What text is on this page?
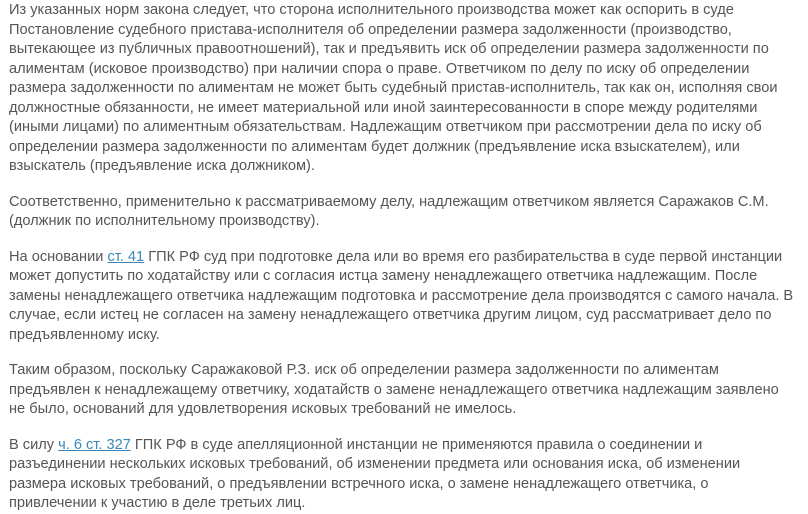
Из указанных норм закона следует, что сторона исполнительного производства может как оспорить в суде
Постановление судебного пристава-исполнителя об определении размера задолженности (производство,
вытекающее из публичных правоотношений), так и предъявить иск об определении размера задолженности по
алиментам (исковое производство) при наличии спора о праве. Ответчиком по делу по иску об определении
размера задолженности по алиментам не может быть судебный пристав-исполнитель, так как он, исполняя свои
должностные обязанности, не имеет материальной или иной заинтересованности в споре между родителями
(иными лицами) по алиментным обязательствам. Надлежащим ответчиком при рассмотрении дела по иску об
определении размера задолженности по алиментам будет должник (предъявление иска взыскателем), или
взыскатель (предъявление иска должником).

Соответственно, применительно к рассматриваемому делу, надлежащим ответчиком является Саражаков С.М.
(должник по исполнительному производству).

На основании ст. 41 ГПК РФ суд при подготовке дела или во время его разбирательства в суде первой инстанции
может допустить по ходатайству или с согласия истца замену ненадлежащего ответчика надлежащим. После
замены ненадлежащего ответчика надлежащим подготовка и рассмотрение дела производятся с самого начала. В
случае, если истец не согласен на замену ненадлежащего ответчика другим лицом, суд рассматривает дело по
предъявленному иску.

Таким образом, поскольку Саражаковой Р.З. иск об определении размера задолженности по алиментам
предъявлен к ненадлежащему ответчику, ходатайств о замене ненадлежащего ответчика надлежащим заявлено
не было, оснований для удовлетворения исковых требований не имелось.

В силу ч. 6 ст. 327 ГПК РФ в суде апелляционной инстанции не применяются правила о соединении и
разъединении нескольких исковых требований, об изменении предмета или основания иска, об изменении
размера исковых требований, о предъявлении встречного иска, о замене ненадлежащего ответчика, о
привлечении к участию в деле третьих лиц.
